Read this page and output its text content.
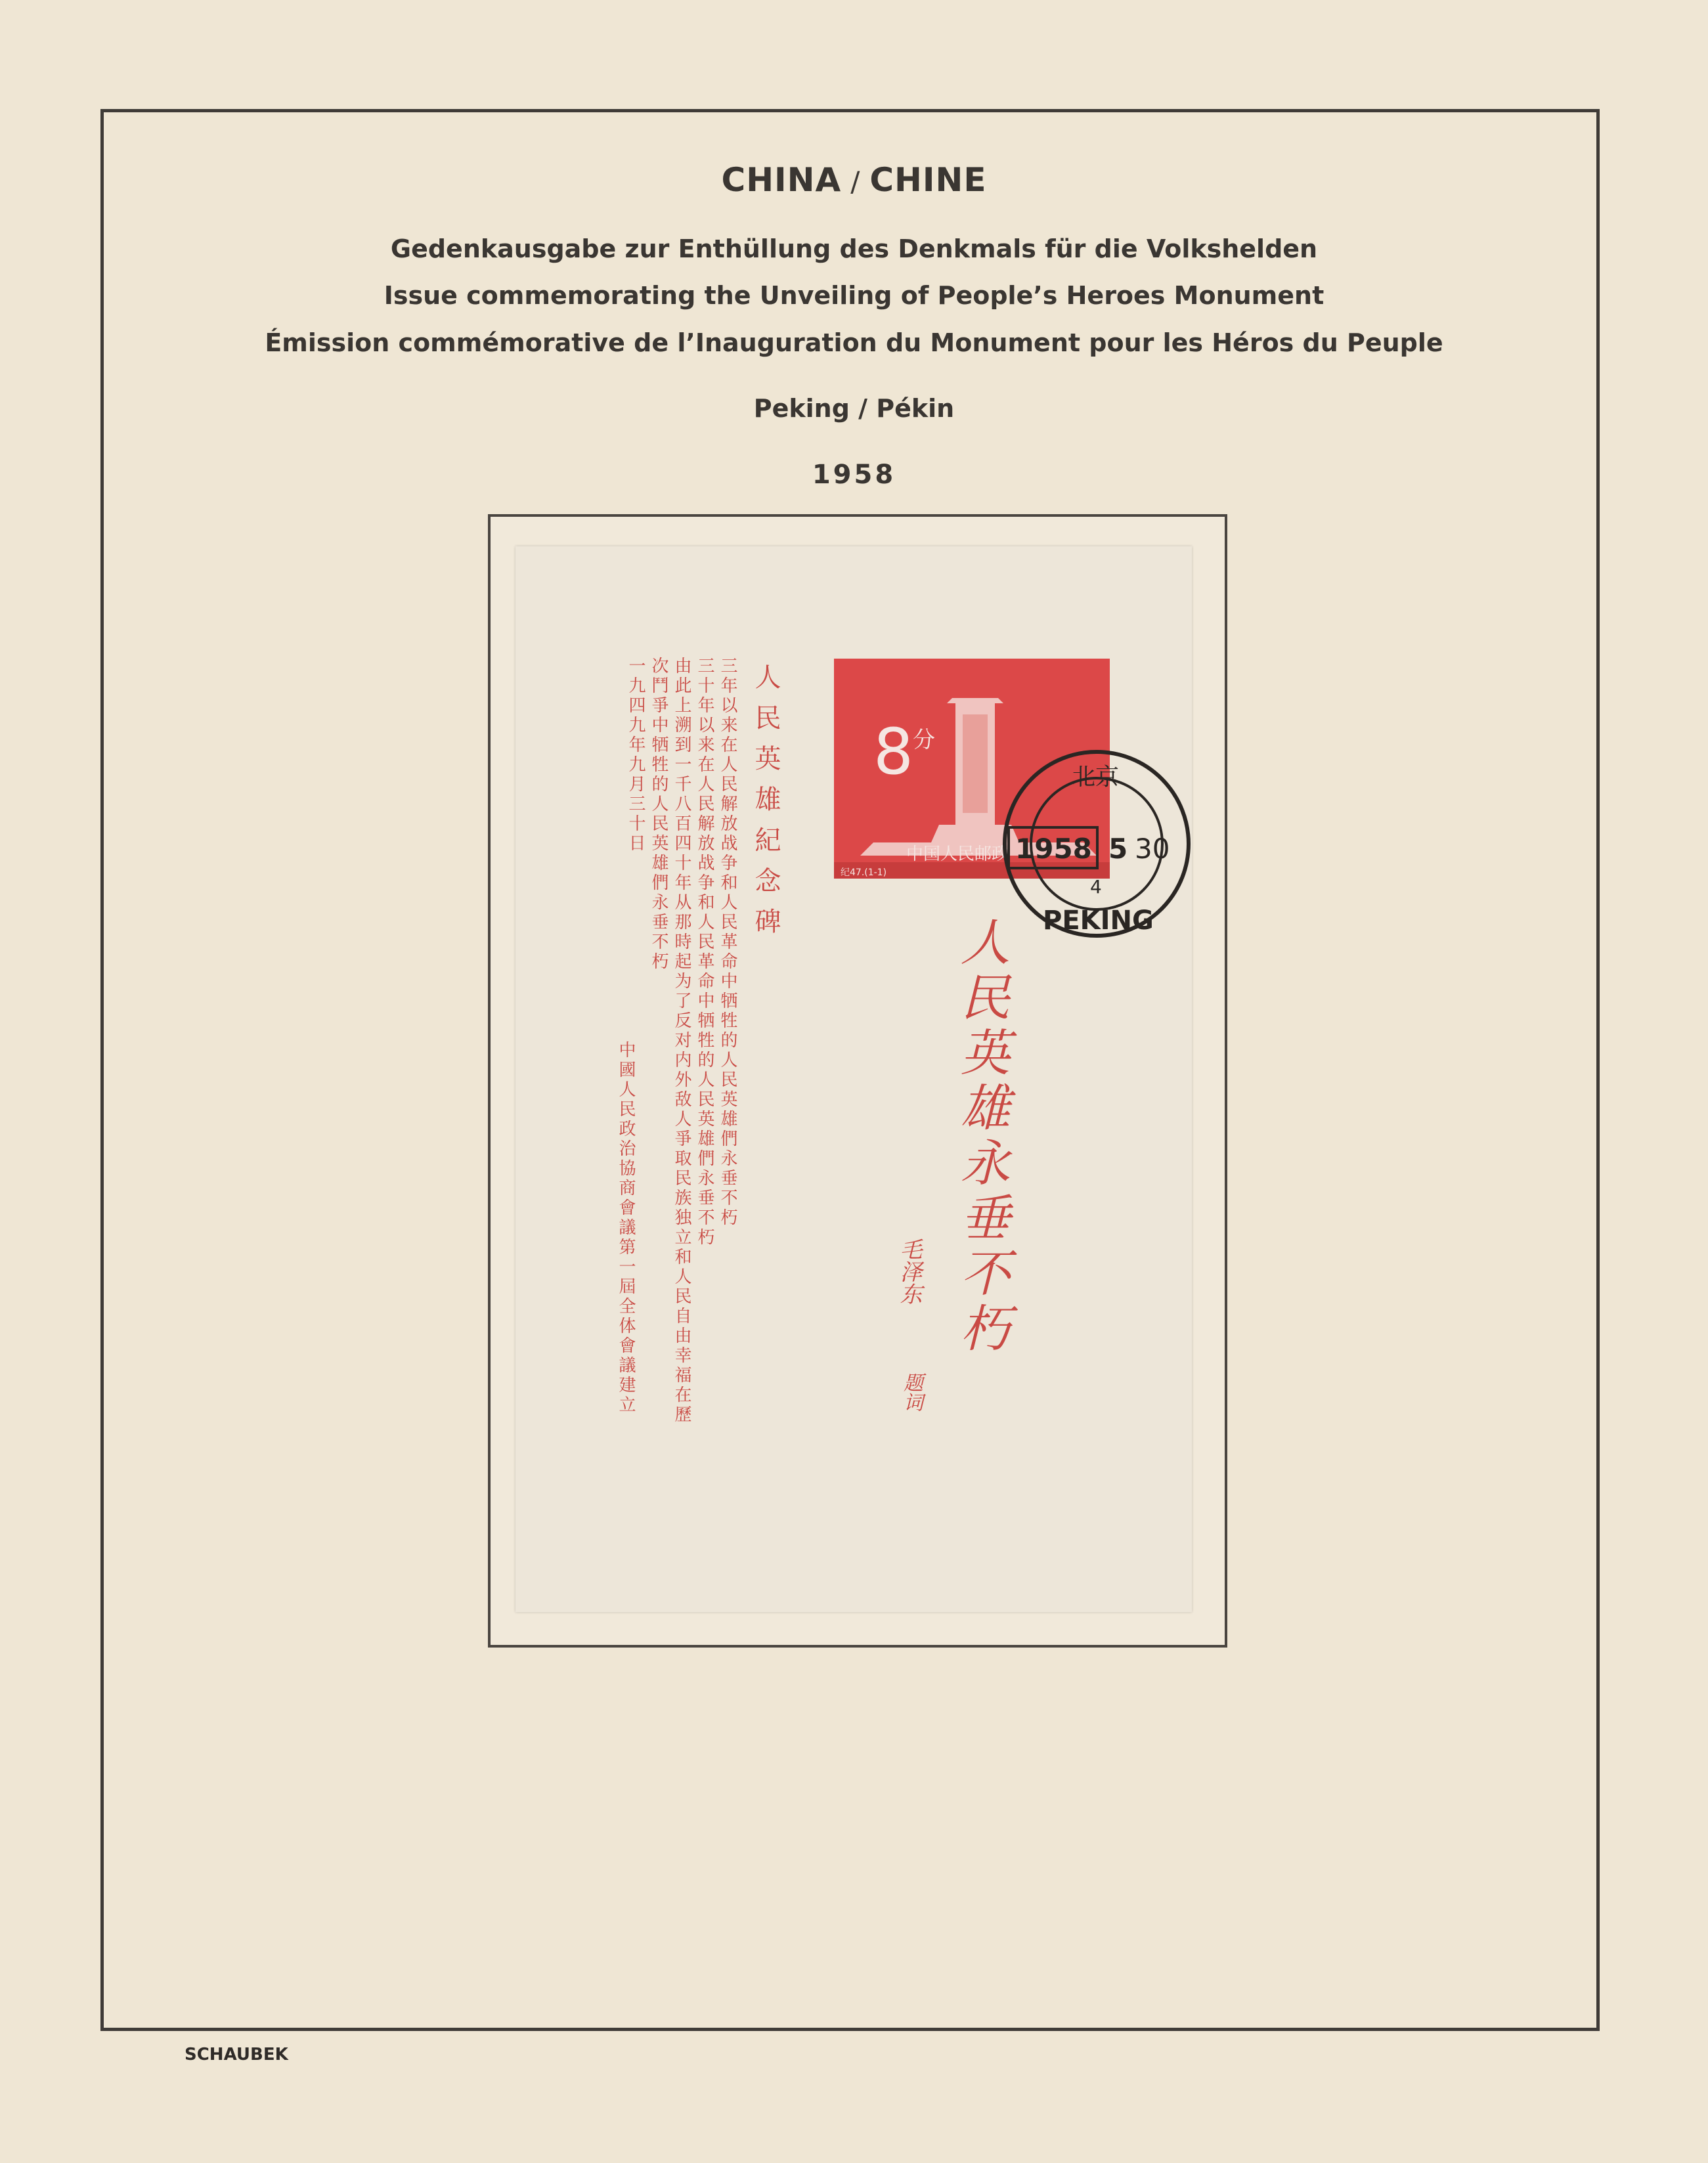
CHINA / CHINE
Gedenkausgabe zur Enthüllung des Denkmals für die Volkshelden
Issue commemorating the Unveiling of People’s Heroes Monument
Émission commémorative de l’Inauguration du Monument pour les Héros du Peuple
Peking / Pékin
1958
人民英雄紀念碑
三年以来在人民解放战争和人民革命中牺牲的人民英雄們永垂不朽
三十年以来在人民解放战争和人民革命中牺牲的人民英雄們永垂不朽
由此上溯到一千八百四十年从那時起为了反对内外敌人爭取民族独立和人民自由幸福在歷
次鬥爭中牺牲的人民英雄們永垂不朽
一九四九年九月三十日
中國人民政治協商會議第一屆全体會議建立
8
分
中国人民邮政
纪47.(1-1)
北京
1958 5 30
4
PEKING
人民英雄永垂不朽
毛泽东
题词
SCHAUBEK
